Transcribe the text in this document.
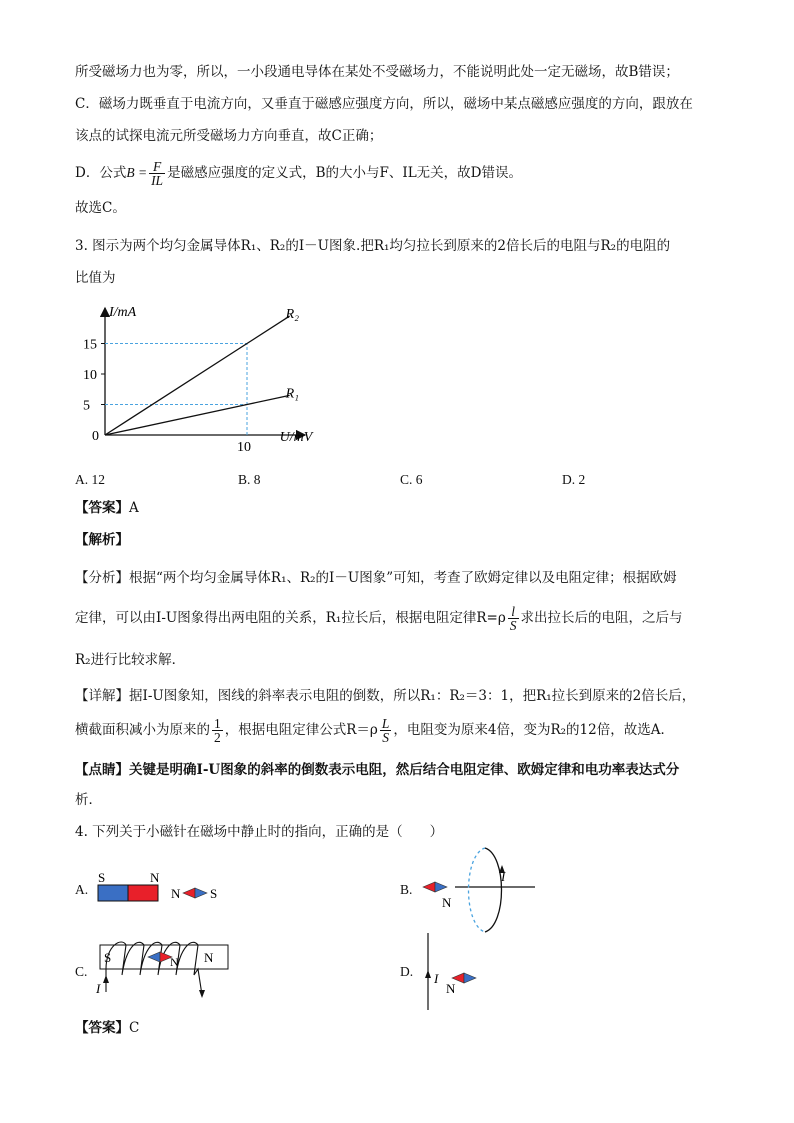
所受磁场力也为零，所以，一小段通电导体在某处不受磁场力，不能说明此处一定无磁场，故B错误；
C．磁场力既垂直于电流方向，又垂直于磁感应强度方向，所以，磁场中某点磁感应强度的方向，跟放在
该点的试探电流元所受磁场力方向垂直，故C正确；
D．公式$B = \frac{F}{IL}$ 是磁感应强度的定义式，B的大小与F、IL无关，故D错误。
故选C。
3. 图示为两个均匀金属导体R₁、R₂的I－U图象.把R₁均匀拉长到原来的2倍长后的电阻与R₂的电阻的
比值为
R₂
R₁
15
10
5
10
0
I/mA
U/mV
A. 12	B. 8	C. 6	D. 2
【答案】A
【解析】
【分析】根据“两个均匀金属导体R₁、R₂的I－U图象”可知，考查了欧姆定律以及电阻定律；根据欧姆
定律，可以由I-U图象得出两电阻的关系，R₁拉长后，根据电阻定律$R=\rho \frac{l}{S}$ 求出拉长后的电阻，之后与
R₂进行比较求解．
【详解】据I-U图象知，图线的斜率表示电阻的倒数，所以R₁：R₂＝3：1，把R₁拉长到原来的2倍长后，
横截面积减小为原来的 $\frac{1}{2}$ ，根据电阻定律公式$R=\rho \frac{L}{S}$ ，电阻变为原来4倍，变为R₂的12倍，故选A．
【点睛】关键是明确I-U图象的斜率的倒数表示电阻，然后结合电阻定律、欧姆定律和电功率表达式分
析．
4. 下列关于小磁针在磁场中静止时的指向，正确的是（　　）
A.
S	N
N S	B.
I
N
C.
S	N
I
N
D. I
N
【答案】C
